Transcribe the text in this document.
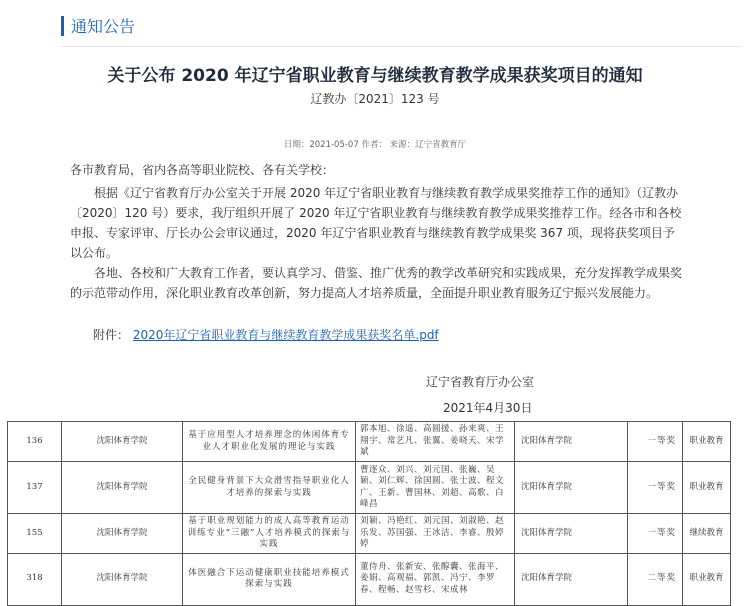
通知公告
关于公布 2020 年辽宁省职业教育与继续教育教学成果获奖项目的通知
辽教办〔2021〕123 号
日期：2021-05-07 作者： 来源：辽宁省教育厅
各市教育局，省内各高等职业院校、各有关学校：
根据《辽宁省教育厅办公室关于开展 2020 年辽宁省职业教育与继续教育教学成果奖推荐工作的通知》（辽教办〔2020〕120 号）要求，我厅组织开展了 2020 年辽宁省职业教育与继续教育教学成果奖推荐工作。经各市和各校申报、专家评审、厅长办公会审议通过，2020 年辽宁省职业教育与继续教育教学成果奖 367 项，现将获奖项目予以公布。
各地、各校和广大教育工作者，要认真学习、借鉴、推广优秀的教学改革研究和实践成果，充分发挥教学成果奖的示范带动作用，深化职业教育改革创新，努力提高人才培养质量，全面提升职业教育服务辽宁振兴发展能力。
附件： 2020年辽宁省职业教育与继续教育教学成果获奖名单.pdf
辽宁省教育厅办公室
2021年4月30日
136	沈阳体育学院	基于应用型人才培养理念的休闲体育专业人才职业化发展的理论与实践	郭本旭、徐遥、高圆援、孙来爽、王翔宇、常艺凡、张翼、姜晓天、宋学斌	沈阳体育学院	一等奖	职业教育
137	沈阳体育学院	全民健身背景下大众滑雪指导职业化人才培养的探索与实践	曹逐众、刘兴、刘元国、张巍、吴颖、刘仁辉、徐国圆、张士波、程文广、王新、曹国林、刘超、高歌、白峰昌	沈阳体育学院	一等奖	职业教育
155	沈阳体育学院	基于职业规划能力的成人高等教育运动训练专业“三融”人才培养模式的探索与实践	刘颖、冯艳红、刘元国、刘淑艳、赵乐发、苏国强、王冰洁、李睿、殷婷婷	沈阳体育学院	一等奖	继续教育
318	沈阳体育学院	体医融合下运动健康职业技能培养模式探索与实践	董侍舟、张新安、张醇囊、张海平、姜娟、高观福、郭凯、冯宁、李罗春、程畅、赵雪杉、宋成林	沈阳体育学院	二等奖	职业教育
